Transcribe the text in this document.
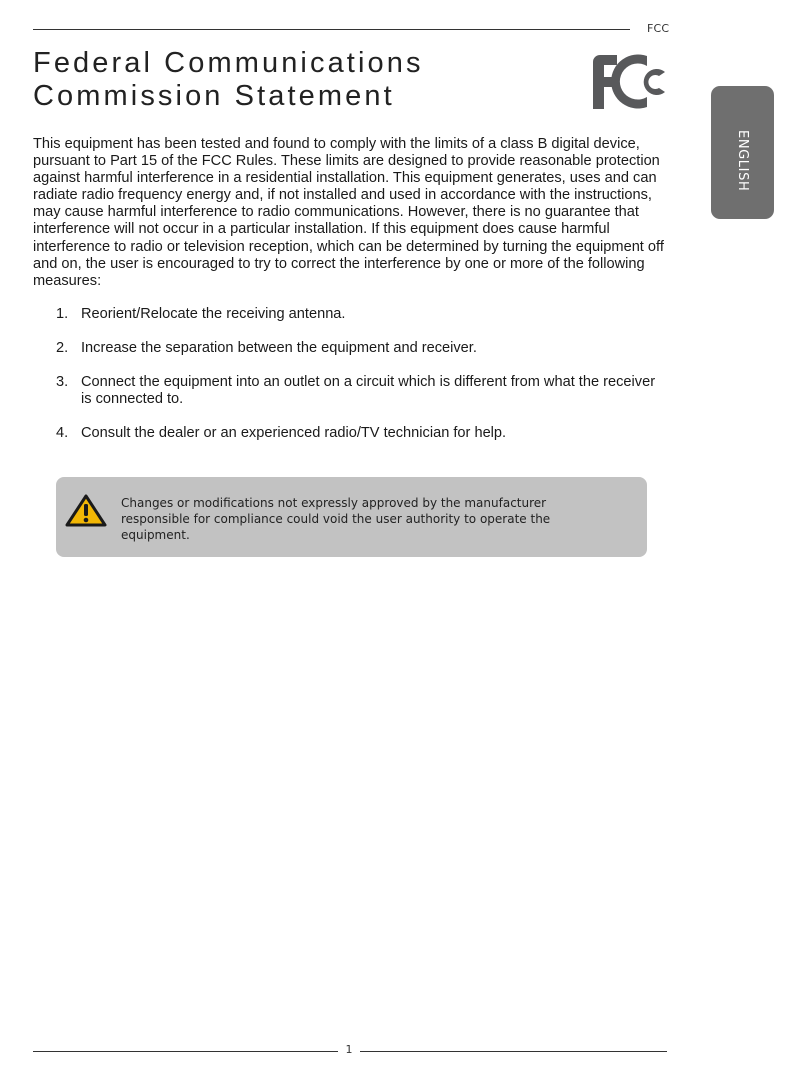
FCC
Federal Communications
Commission Statement
ENGLISH

This equipment has been tested and found to comply with the limits of a class B digital device, pursuant to Part 15 of the FCC Rules. These limits are designed to provide reasonable protection against harmful interference in a residential installation. This equipment generates, uses and can radiate radio frequency energy and, if not installed and used in accordance with the instructions, may cause harmful interference to radio communications. However, there is no guarantee that interference will not occur in a particular installation. If this equipment does cause harmful interference to radio or television reception, which can be determined by turning the equipment off and on, the user is encouraged to try to correct the interference by one or more of the following measures:

1. Reorient/Relocate the receiving antenna.
2. Increase the separation between the equipment and receiver.
3. Connect the equipment into an outlet on a circuit which is different from what the receiver is connected to.
4. Consult the dealer or an experienced radio/TV technician for help.
Changes or modifications not expressly approved by the manufacturer responsible for compliance could void the user authority to operate the equipment.
1
